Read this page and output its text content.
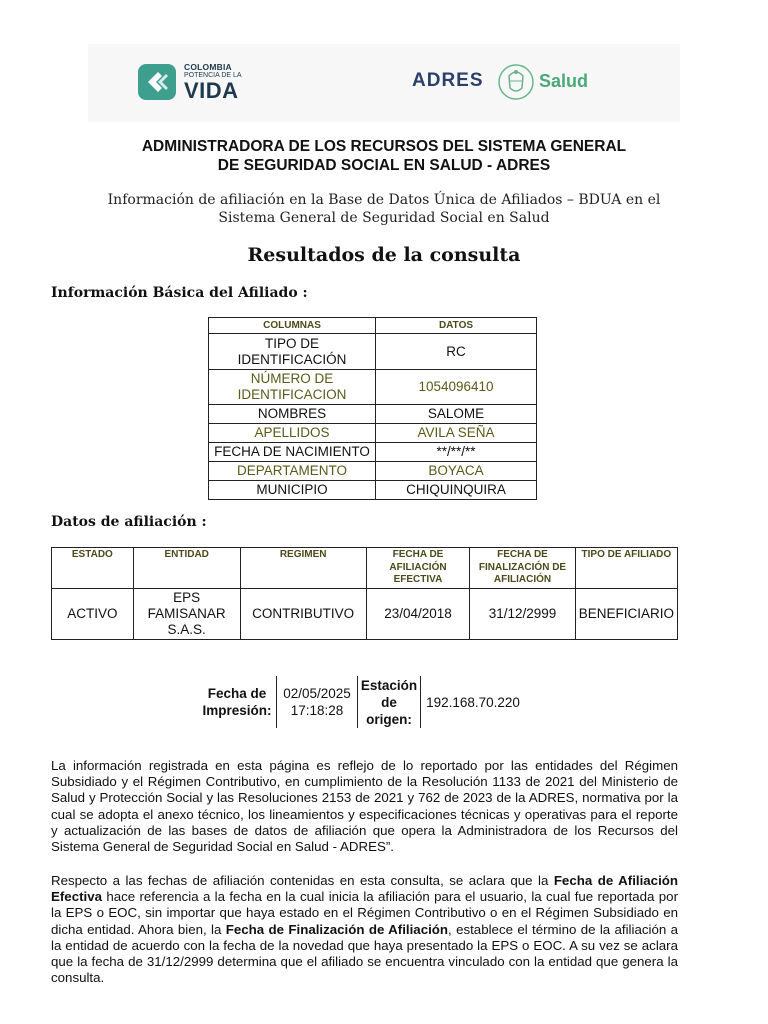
COLOMBIA
POTENCIA DE LA
VIDA	ADRES	Salud
ADMINISTRADORA DE LOS RECURSOS DEL SISTEMA GENERAL
DE SEGURIDAD SOCIAL EN SALUD - ADRES
Información de afiliación en la Base de Datos Única de Afiliados – BDUA en el
Sistema General de Seguridad Social en Salud
Resultados de la consulta
Información Básica del Afiliado :
COLUMNAS	DATOS
TIPO DE IDENTIFICACIÓN	RC
NÚMERO DE IDENTIFICACION	1054096410
NOMBRES	SALOME
APELLIDOS	AVILA SEÑA
FECHA DE NACIMIENTO	**/**/**
DEPARTAMENTO	BOYACA
MUNICIPIO	CHIQUINQUIRA
Datos de afiliación :
ESTADO	ENTIDAD	REGIMEN	FECHA DE AFILIACIÓN EFECTIVA	FECHA DE FINALIZACIÓN DE AFILIACIÓN	TIPO DE AFILIADO
ACTIVO	EPS FAMISANAR S.A.S.	CONTRIBUTIVO	23/04/2018	31/12/2999	BENEFICIARIO
Fecha de Impresión:	02/05/2025 17:18:28	Estación de origen:	192.168.70.220
La información registrada en esta página es reflejo de lo reportado por las entidades del Régimen Subsidiado y el Régimen Contributivo, en cumplimiento de la Resolución 1133 de 2021 del Ministerio de Salud y Protección Social y las Resoluciones 2153 de 2021 y 762 de 2023 de la ADRES, normativa por la cual se adopta el anexo técnico, los lineamientos y especificaciones técnicas y operativas para el reporte y actualización de las bases de datos de afiliación que opera la Administradora de los Recursos del Sistema General de Seguridad Social en Salud - ADRES”.
Respecto a las fechas de afiliación contenidas en esta consulta, se aclara que la Fecha de Afiliación Efectiva hace referencia a la fecha en la cual inicia la afiliación para el usuario, la cual fue reportada por la EPS o EOC, sin importar que haya estado en el Régimen Contributivo o en el Régimen Subsidiado en dicha entidad. Ahora bien, la Fecha de Finalización de Afiliación, establece el término de la afiliación a la entidad de acuerdo con la fecha de la novedad que haya presentado la EPS o EOC. A su vez se aclara que la fecha de 31/12/2999 determina que el afiliado se encuentra vinculado con la entidad que genera la consulta.
